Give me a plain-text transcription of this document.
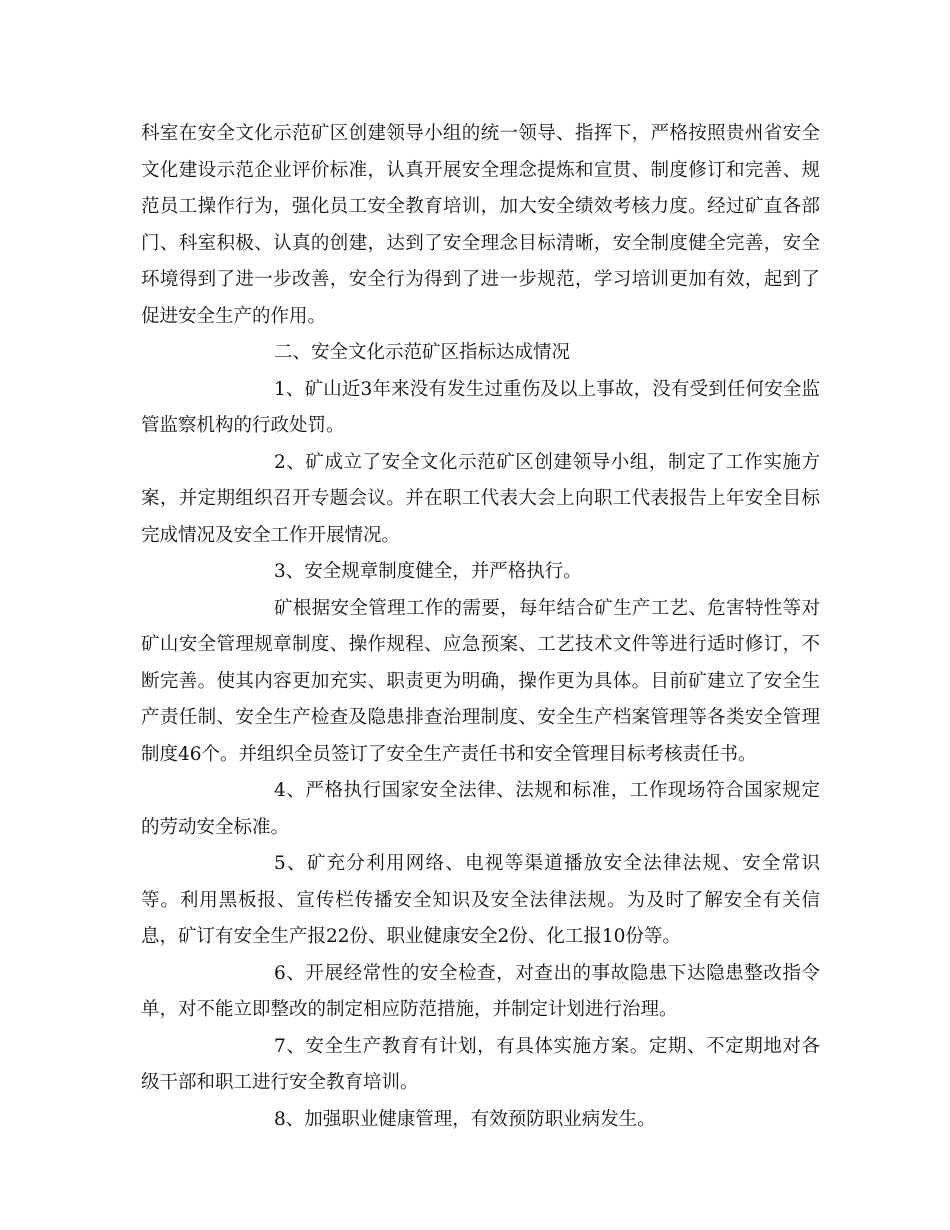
科室在安全文化示范矿区创建领导小组的统一领导、指挥下，严格按照贵州省安全文化建设示范企业评价标准，认真开展安全理念提炼和宣贯、制度修订和完善、规范员工操作行为，强化员工安全教育培训，加大安全绩效考核力度。经过矿直各部门、科室积极、认真的创建，达到了安全理念目标清晰，安全制度健全完善，安全环境得到了进一步改善，安全行为得到了进一步规范，学习培训更加有效，起到了促进安全生产的作用。

二、安全文化示范矿区指标达成情况

1、矿山近3年来没有发生过重伤及以上事故，没有受到任何安全监管监察机构的行政处罚。

2、矿成立了安全文化示范矿区创建领导小组，制定了工作实施方案，并定期组织召开专题会议。并在职工代表大会上向职工代表报告上年安全目标完成情况及安全工作开展情况。

3、安全规章制度健全，并严格执行。

矿根据安全管理工作的需要，每年结合矿生产工艺、危害特性等对矿山安全管理规章制度、操作规程、应急预案、工艺技术文件等进行适时修订，不断完善。使其内容更加充实、职责更为明确，操作更为具体。目前矿建立了安全生产责任制、安全生产检查及隐患排查治理制度、安全生产档案管理等各类安全管理制度46个。并组织全员签订了安全生产责任书和安全管理目标考核责任书。

4、严格执行国家安全法律、法规和标准，工作现场符合国家规定的劳动安全标准。

5、矿充分利用网络、电视等渠道播放安全法律法规、安全常识等。利用黑板报、宣传栏传播安全知识及安全法律法规。为及时了解安全有关信息，矿订有安全生产报22份、职业健康安全2份、化工报10份等。

6、开展经常性的安全检查，对查出的事故隐患下达隐患整改指令单，对不能立即整改的制定相应防范措施，并制定计划进行治理。

7、安全生产教育有计划，有具体实施方案。定期、不定期地对各级干部和职工进行安全教育培训。

8、加强职业健康管理，有效预防职业病发生。
